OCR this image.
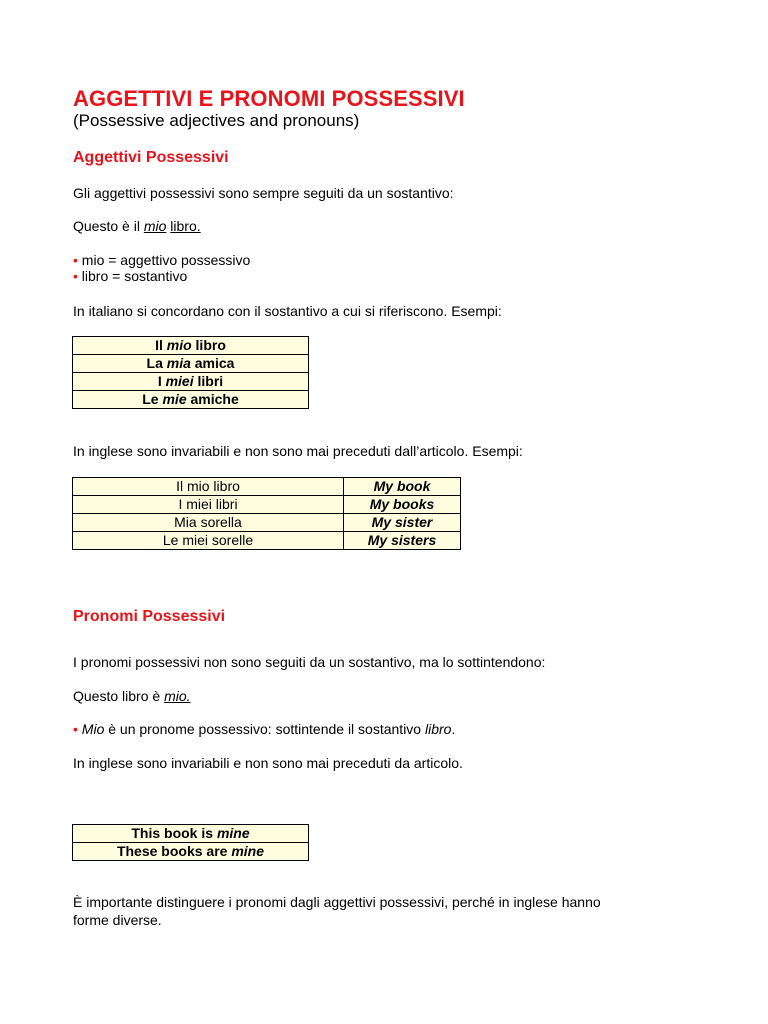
AGGETTIVI E PRONOMI POSSESSIVI
(Possessive adjectives and pronouns)
Aggettivi Possessivi
Gli aggettivi possessivi sono sempre seguiti da un sostantivo:
Questo è il mio libro.
• mio = aggettivo possessivo
• libro = sostantivo
In italiano si concordano con il sostantivo a cui si riferiscono. Esempi:
Il mio libro
La mia amica
I miei libri
Le mie amiche
In inglese sono invariabili e non sono mai preceduti dall’articolo. Esempi:
Il mio libro	My book
I miei libri	My books
Mia sorella	My sister
Le miei sorelle	My sisters
Pronomi Possessivi
I pronomi possessivi non sono seguiti da un sostantivo, ma lo sottintendono:
Questo libro è mio.
• Mio è un pronome possessivo: sottintende il sostantivo libro.
In inglese sono invariabili e non sono mai preceduti da articolo.
This book is mine
These books are mine
È importante distinguere i pronomi dagli aggettivi possessivi, perché in inglese hanno
forme diverse.
